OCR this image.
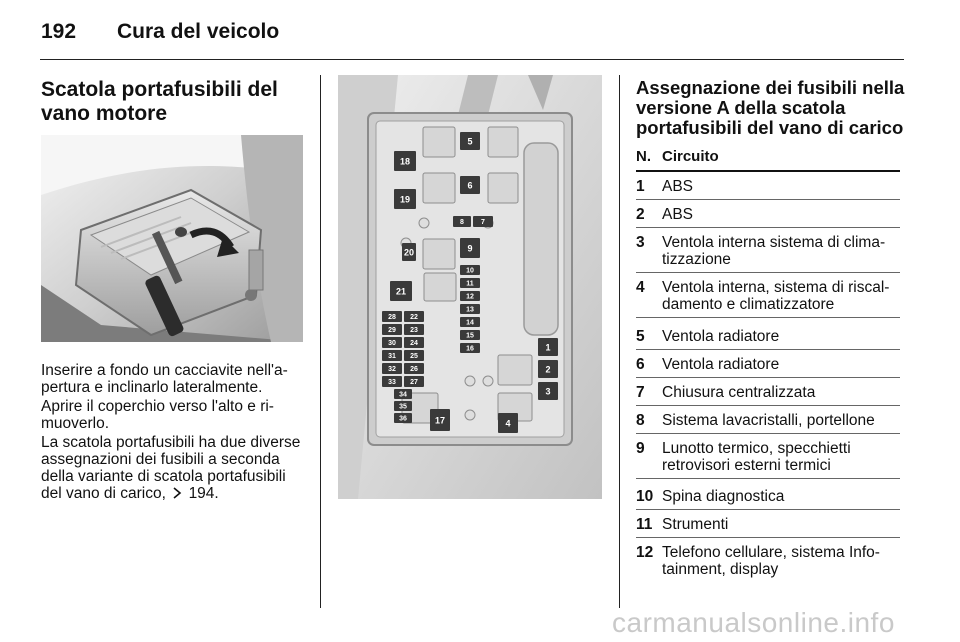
192 Cura del veicolo
Scatola portafusibili del
vano motore
Inserire a fondo un cacciavite nell'a-
pertura e inclinarlo lateralmente.
Aprire il coperchio verso l'alto e ri-
muoverlo.
La scatola portafusibili ha due diverse
assegnazioni dei fusibili a seconda
della variante di scatola portafusibili
del vano di carico, 194.
1
2
3
4
5
6
7
8
9
17
18
19
20
21
10
11
12
13
14
15
16
22
23
24
25
26
27
28
29
30
31
32
33
34
35
36
Assegnazione dei fusibili nella
versione A della scatola
portafusibili del vano di carico
N. Circuito
1	ABS
2	ABS
3	Ventola interna sistema di clima-
tizzazione
4	Ventola interna, sistema di riscal-
damento e climatizzatore
5	Ventola radiatore
6	Ventola radiatore
7	Chiusura centralizzata
8	Sistema lavacristalli, portellone
9	Lunotto termico, specchietti
retrovisori esterni termici
10 Spina diagnostica
11 Strumenti
12 Telefono cellulare, sistema Info-
tainment, display
carmanualsonline.info
